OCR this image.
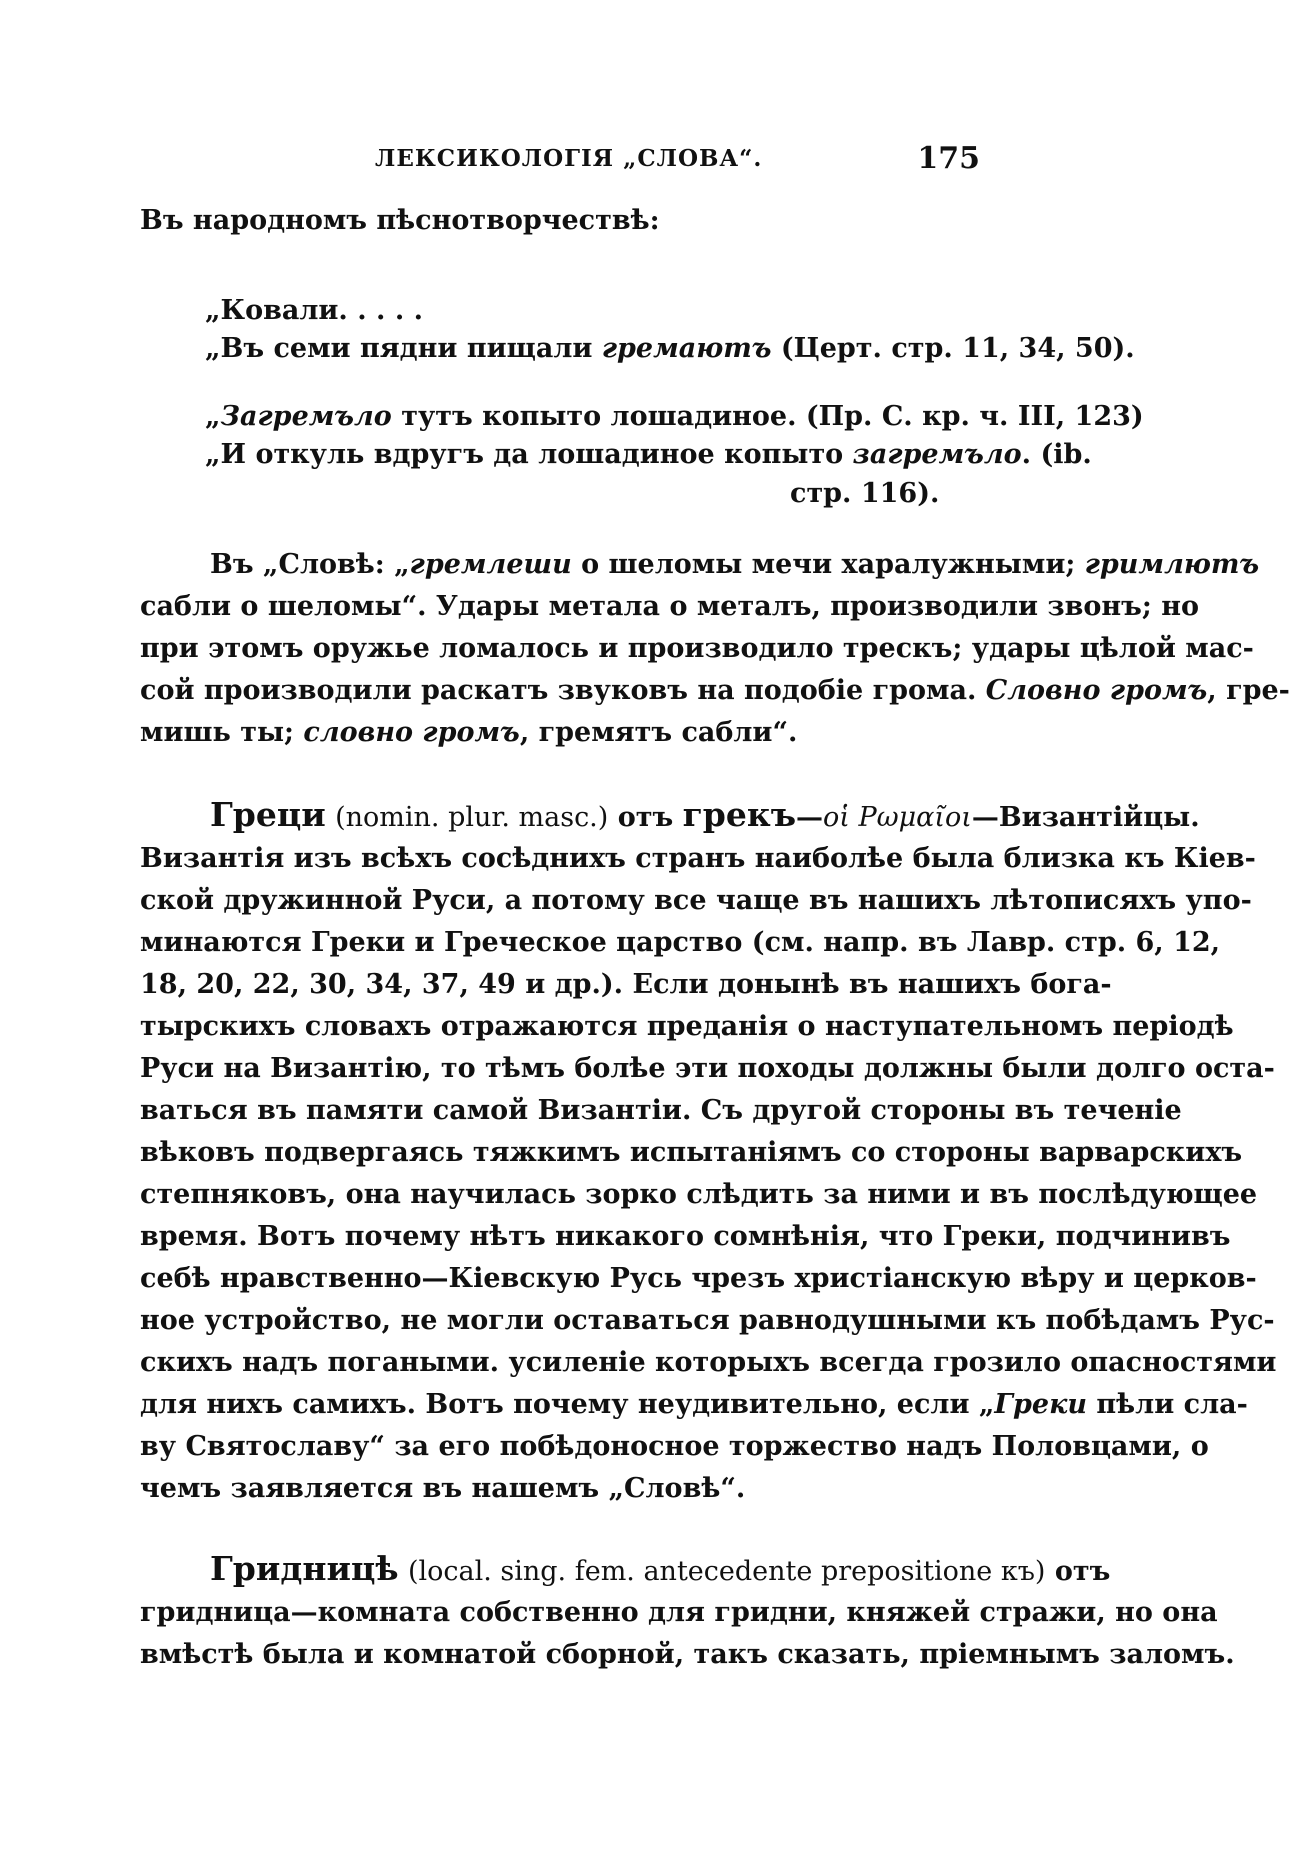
ЛЕКСИКОЛОГІЯ „СЛОВА“.	175
Въ народномъ пѣснотворчествѣ:
„Ковали. . . . .
„Въ семи пядни пищали гремаютъ (Церт. стр. 11, 34, 50).
„Загремъло тутъ копыто лошадиное. (Пр. С. кр. ч. III, 123)
„И откуль вдругъ да лошадиное копыто загремъло. (ib.
стр. 116).
Въ „Словѣ: „гремлеши о шеломы мечи харалужными; гримлютъ
сабли о шеломы“. Удары метала о металъ, производили звонъ; но
при этомъ оружье ломалось и производило трескъ; удары цѣлой мас-
сой производили раскатъ звуковъ на подобіе грома. Словно громъ, гре-
мишь ты; словно громъ, гремятъ сабли“.
Греци (nomin. plur. masc.) отъ грекъ—οἱ Ρωμαῖοι—Византійцы.
Византія изъ всѣхъ сосѣднихъ странъ наиболѣе была близка къ Кіев-
ской дружинной Руси, а потому все чаще въ нашихъ лѣтописяхъ упо-
минаются Греки и Греческое царство (см. напр. въ Лавр. стр. 6, 12,
18, 20, 22, 30, 34, 37, 49 и др.). Если донынѣ въ нашихъ бога-
тырскихъ словахъ отражаются преданія о наступательномъ періодѣ
Руси на Византію, то тѣмъ болѣе эти походы должны были долго оста-
ваться въ памяти самой Византіи. Съ другой стороны въ теченіе
вѣковъ подвергаясь тяжкимъ испытаніямъ со стороны варварскихъ
степняковъ, она научилась зорко слѣдить за ними и въ послѣдующее
время. Вотъ почему нѣтъ никакого сомнѣнія, что Греки, подчинивъ
себѣ нравственно—Кіевскую Русь чрезъ христіанскую вѣру и церков-
ное устройство, не могли оставаться равнодушными къ побѣдамъ Рус-
скихъ надъ погаными. усиленіе которыхъ всегда грозило опасностями
для нихъ самихъ. Вотъ почему неудивительно, если „Греки пѣли сла-
ву Святославу“ за его побѣдоносное торжество надъ Половцами, о
чемъ заявляется въ нашемъ „Словѣ“.
Гридницѣ (local. sing. fem. antecedente prepositione къ) отъ
гридница—комната собственно для гридни, княжей стражи, но она
вмѣстѣ была и комнатой сборной, такъ сказать, пріемнымъ заломъ.
